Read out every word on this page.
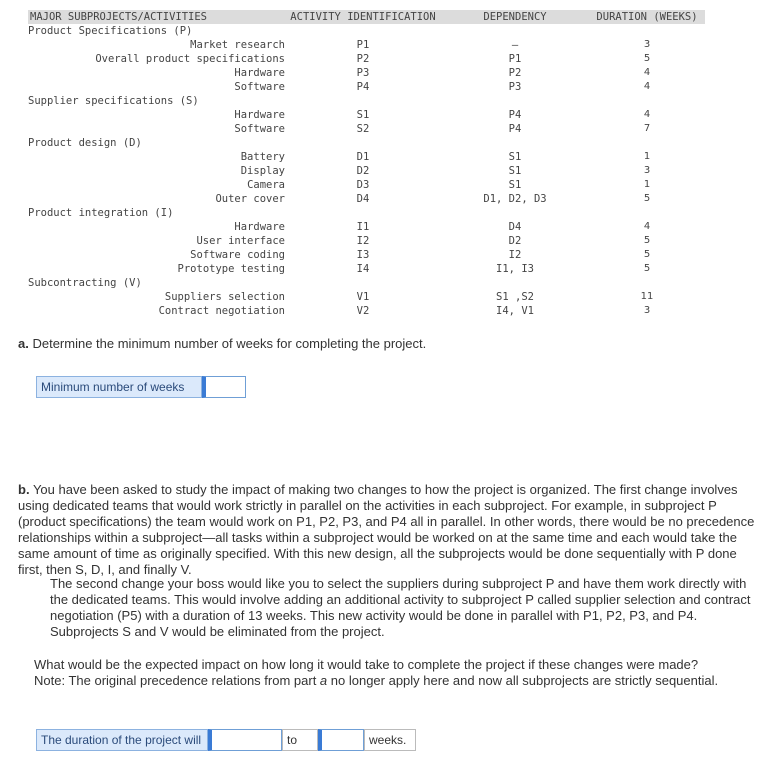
MAJOR SUBPROJECTS/ACTIVITIES	ACTIVITY IDENTIFICATION	DEPENDENCY	DURATION (WEEKS)
Product Specifications (P)			
Market research	P1	–	3
Overall product specifications	P2	P1	5
Hardware	P3	P2	4
Software	P4	P3	4
Supplier specifications (S)			
Hardware	S1	P4	4
Software	S2	P4	7
Product design (D)			
Battery	D1	S1	1
Display	D2	S1	3
Camera	D3	S1	1
Outer cover	D4	D1, D2, D3	5
Product integration (I)			
Hardware	I1	D4	4
User interface	I2	D2	5
Software coding	I3	I2	5
Prototype testing	I4	I1, I3	5
Subcontracting (V)			
Suppliers selection	V1	S1 ,S2	11
Contract negotiation	V2	I4, V1	3
a. Determine the minimum number of weeks for completing the project.
Minimum number of weeks
b. You have been asked to study the impact of making two changes to how the project is organized. The first change involves using dedicated teams that would work strictly in parallel on the activities in each subproject. For example, in subproject P (product specifications) the team would work on P1, P2, P3, and P4 all in parallel. In other words, there would be no precedence relationships within a subproject—all tasks within a subproject would be worked on at the same time and each would take the same amount of time as originally specified. With this new design, all the subprojects would be done sequentially with P done first, then S, D, I, and finally V.
The second change your boss would like you to select the suppliers during subproject P and have them work directly with the dedicated teams. This would involve adding an additional activity to subproject P called supplier selection and contract negotiation (P5) with a duration of 13 weeks. This new activity would be done in parallel with P1, P2, P3, and P4. Subprojects S and V would be eliminated from the project.
What would be the expected impact on how long it would take to complete the project if these changes were made?
Note: The original precedence relations from part a no longer apply here and now all subprojects are strictly sequential.
The duration of the project will	to	weeks.
